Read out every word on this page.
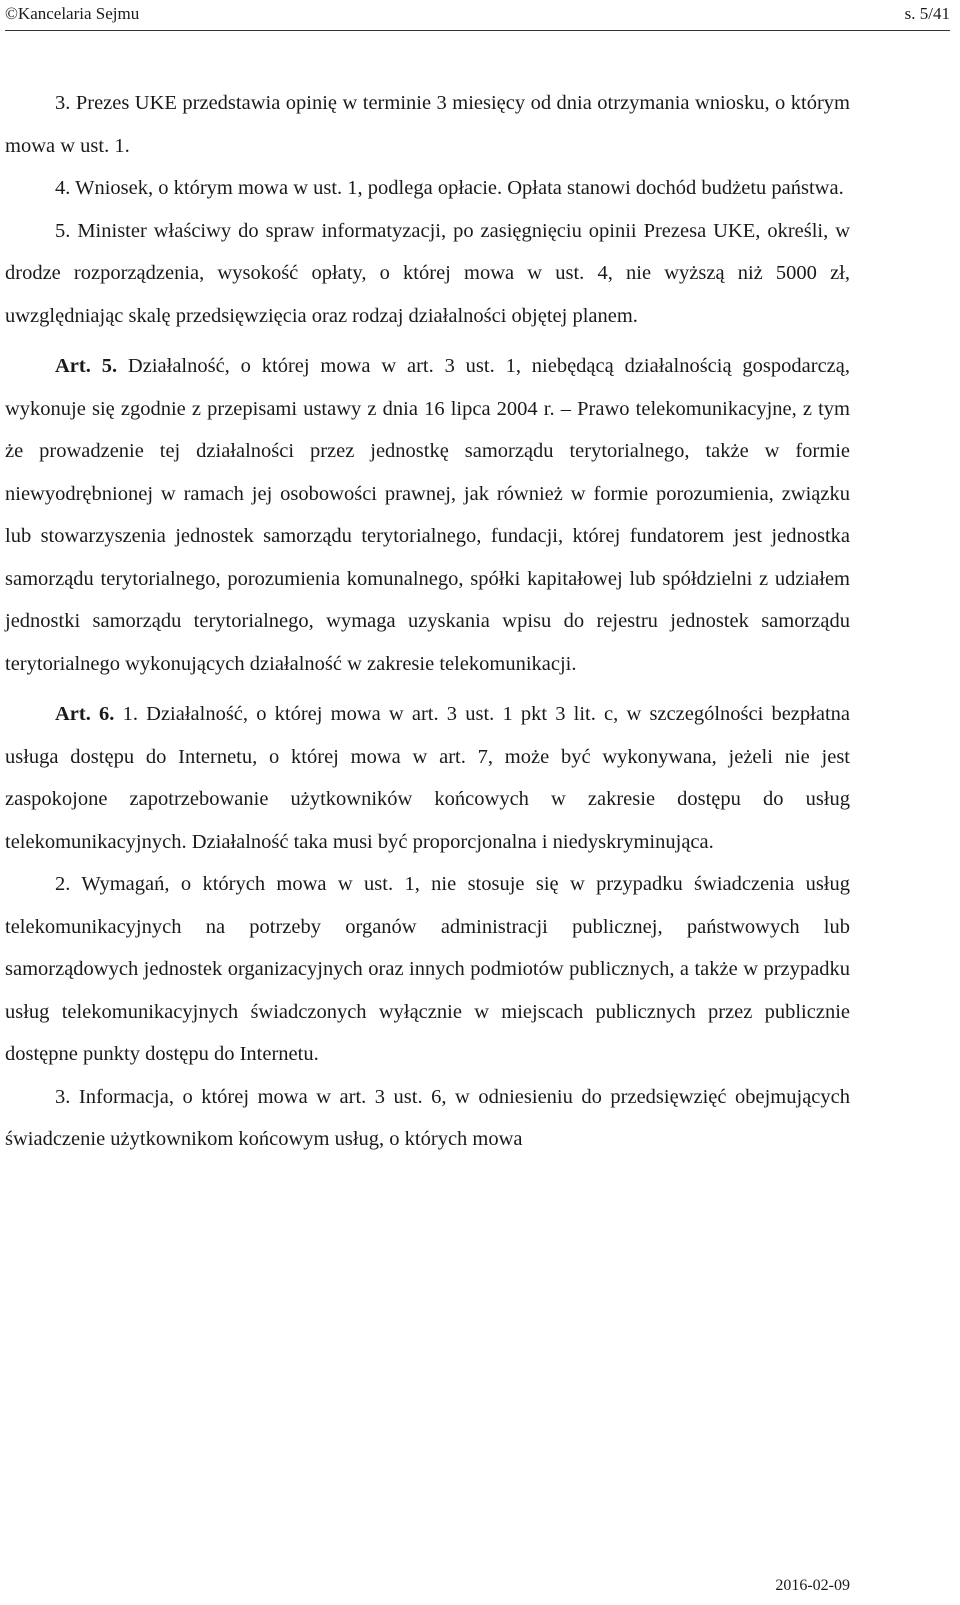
©Kancelaria Sejmu	s. 5/41

3. Prezes UKE przedstawia opinię w terminie 3 miesięcy od dnia otrzymania wniosku, o którym mowa w ust. 1.

4. Wniosek, o którym mowa w ust. 1, podlega opłacie. Opłata stanowi dochód budżetu państwa.

5. Minister właściwy do spraw informatyzacji, po zasięgnięciu opinii Prezesa UKE, określi, w drodze rozporządzenia, wysokość opłaty, o której mowa w ust. 4, nie wyższą niż 5000 zł, uwzględniając skalę przedsięwzięcia oraz rodzaj działalności objętej planem.

Art. 5. Działalność, o której mowa w art. 3 ust. 1, niebędącą działalnością gospodarczą, wykonuje się zgodnie z przepisami ustawy z dnia 16 lipca 2004 r. – Prawo telekomunikacyjne, z tym że prowadzenie tej działalności przez jednostkę samorządu terytorialnego, także w formie niewyodrębnionej w ramach jej osobowości prawnej, jak również w formie porozumienia, związku lub stowarzyszenia jednostek samorządu terytorialnego, fundacji, której fundatorem jest jednostka samorządu terytorialnego, porozumienia komunalnego, spółki kapitałowej lub spółdzielni z udziałem jednostki samorządu terytorialnego, wymaga uzyskania wpisu do rejestru jednostek samorządu terytorialnego wykonujących działalność w zakresie telekomunikacji.

Art. 6. 1. Działalność, o której mowa w art. 3 ust. 1 pkt 3 lit. c, w szczególności bezpłatna usługa dostępu do Internetu, o której mowa w art. 7, może być wykonywana, jeżeli nie jest zaspokojone zapotrzebowanie użytkowników końcowych w zakresie dostępu do usług telekomunikacyjnych. Działalność taka musi być proporcjonalna i niedyskryminująca.

2. Wymagań, o których mowa w ust. 1, nie stosuje się w przypadku świadczenia usług telekomunikacyjnych na potrzeby organów administracji publicznej, państwowych lub samorządowych jednostek organizacyjnych oraz innych podmiotów publicznych, a także w przypadku usług telekomunikacyjnych świadczonych wyłącznie w miejscach publicznych przez publicznie dostępne punkty dostępu do Internetu.

3. Informacja, o której mowa w art. 3 ust. 6, w odniesieniu do przedsięwzięć obejmujących świadczenie użytkownikom końcowym usług, o których mowa

2016-02-09
